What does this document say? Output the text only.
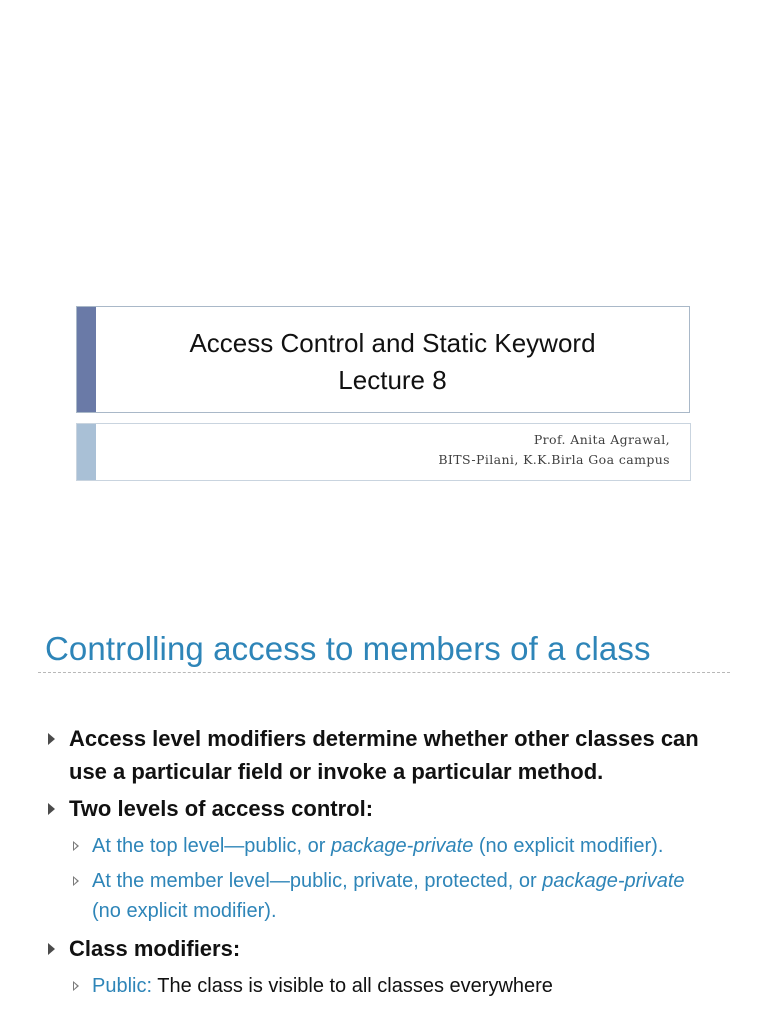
Access Control and Static Keyword
Lecture 8
Prof. Anita Agrawal,
BITS-Pilani, K.K.Birla Goa campus
Controlling access to members of a class
Access level modifiers determine whether other classes can use a particular field or invoke a particular method.
Two levels of access control:
At the top level—public, or package-private (no explicit modifier).
At the member level—public, private, protected, or package-private (no explicit modifier).
Class modifiers:
Public: The class is visible to all classes everywhere
